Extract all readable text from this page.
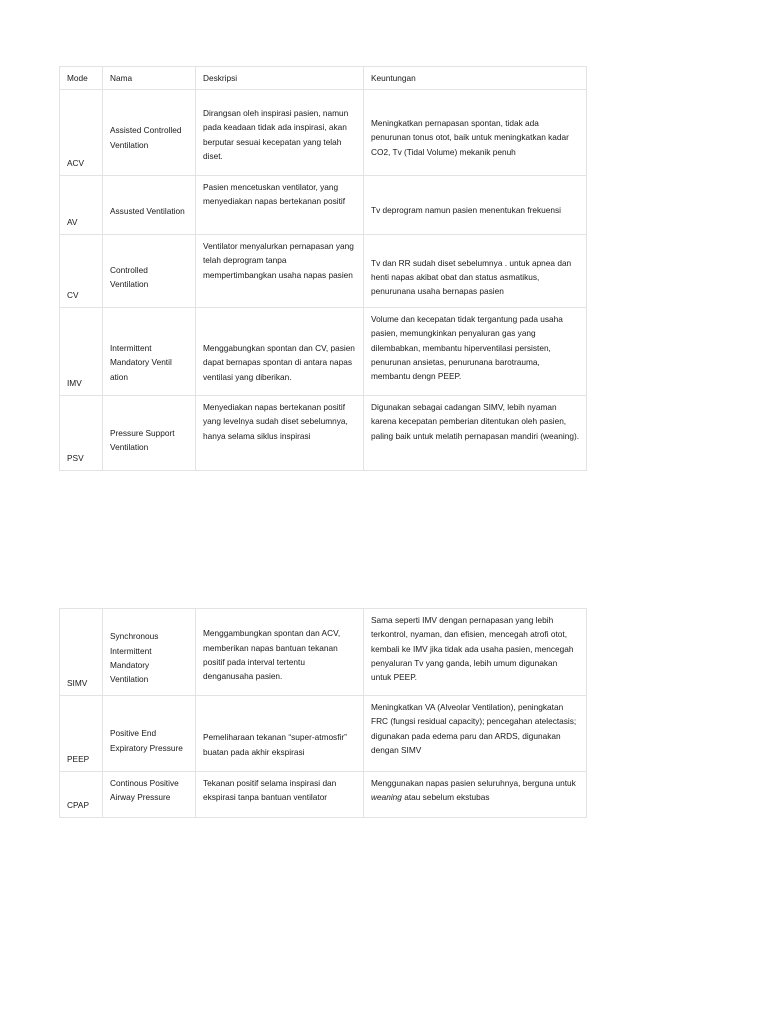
Mode	Nama	Deskripsi	Keuntungan
ACV	Assisted Controlled Ventilation	Dirangsan oleh inspirasi pasien, namun pada keadaan tidak ada inspirasi, akan berputar sesuai kecepatan yang telah diset.	Meningkatkan pernapasan spontan, tidak ada penurunan tonus otot, baik untuk meningkatkan kadar CO2, Tv (Tidal Volume) mekanik penuh
AV	Assusted Ventilation	Pasien mencetuskan ventilator, yang menyediakan napas bertekanan positif	Tv deprogram namun pasien menentukan frekuensi
CV	Controlled Ventilation	Ventilator menyalurkan pernapasan yang telah deprogram tanpa mempertimbangkan usaha napas pasien	Tv dan RR sudah diset sebelumnya . untuk apnea dan henti napas akibat obat dan status asmatikus, penurunana usaha bernapas pasien
IMV	Intermittent Mandatory Ventil ation	Menggabungkan spontan dan CV, pasien dapat bernapas spontan di antara napas ventilasi yang diberikan.	Volume dan kecepatan tidak tergantung pada usaha pasien, memungkinkan penyaluran gas yang dilembabkan, membantu hiperventilasi persisten, penurunan ansietas, penurunana barotrauma, membantu dengn PEEP.
PSV	Pressure Support Ventilation	Menyediakan napas bertekanan positif yang levelnya sudah diset sebelumnya, hanya selama siklus inspirasi	Digunakan sebagai cadangan SIMV, lebih nyaman karena kecepatan pemberian ditentukan oleh pasien, paling baik untuk melatih pernapasan mandiri (weaning).
SIMV	Synchronous Intermittent Mandatory Ventilation	Menggambungkan spontan dan ACV, memberikan napas bantuan tekanan positif pada interval tertentu denganusaha pasien.	Sama seperti IMV dengan pernapasan yang lebih terkontrol, nyaman, dan efisien, mencegah atrofi otot, kembali ke IMV jika tidak ada usaha pasien, mencegah penyaluran Tv yang ganda, lebih umum digunakan untuk PEEP.
PEEP	Positive End Expiratory Pressure	Pemeliharaan tekanan “super-atmosfir” buatan pada akhir ekspirasi	Meningkatkan VA (Alveolar Ventilation), peningkatan FRC (fungsi residual capacity); pencegahan atelectasis; digunakan pada edema paru dan ARDS, digunakan dengan SIMV
CPAP	Continous Positive Airway Pressure	Tekanan positif selama inspirasi dan ekspirasi tanpa bantuan ventilator	Menggunakan napas pasien seluruhnya, berguna untuk weaning atau sebelum ekstubas
